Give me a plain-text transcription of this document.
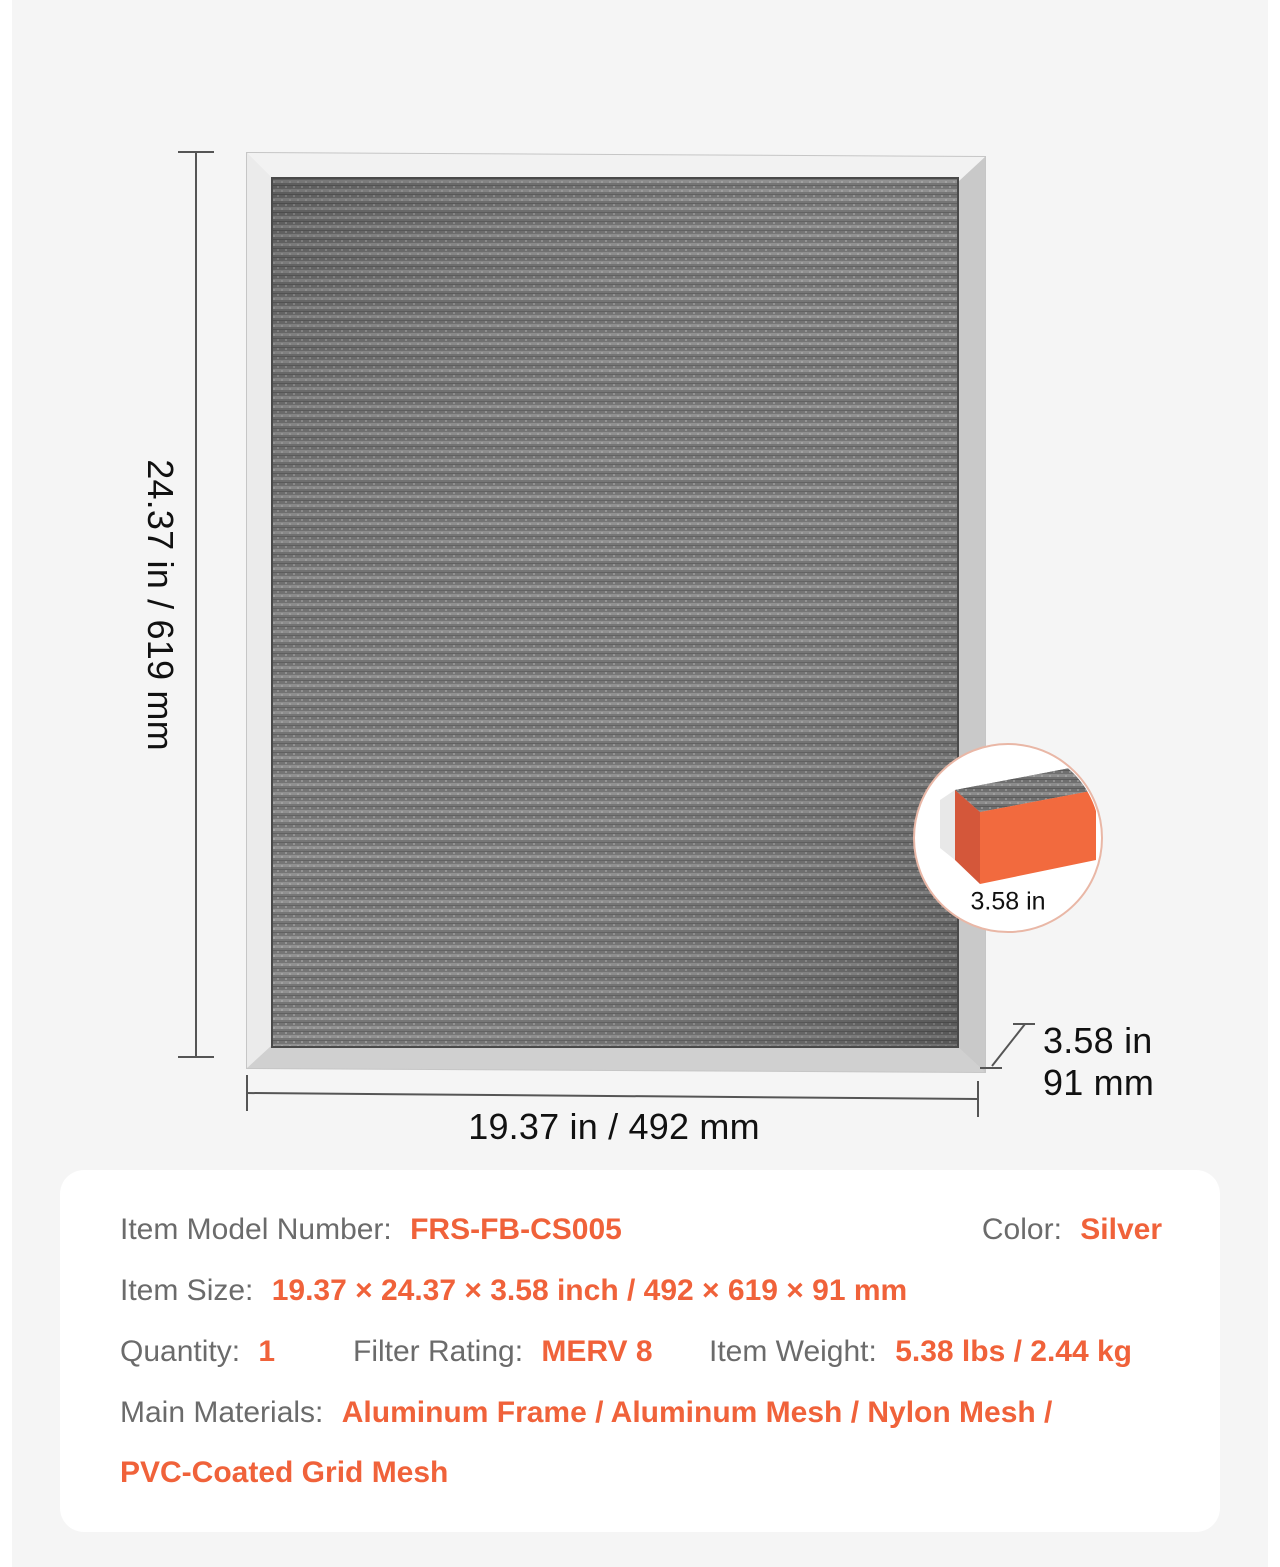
24.37 in / 619 mm
19.37 in / 492 mm
3.58 in
91 mm
3.58 in
Item Model Number: FRS-FB-CS005	Color: Silver
Item Size: 19.37 × 24.37 × 3.58 inch / 492 × 619 × 91 mm
Quantity: 1	Filter Rating: MERV 8 Item Weight: 5.38 lbs / 2.44 kg
Main Materials: Aluminum Frame / Aluminum Mesh / Nylon Mesh /
PVC-Coated Grid Mesh
